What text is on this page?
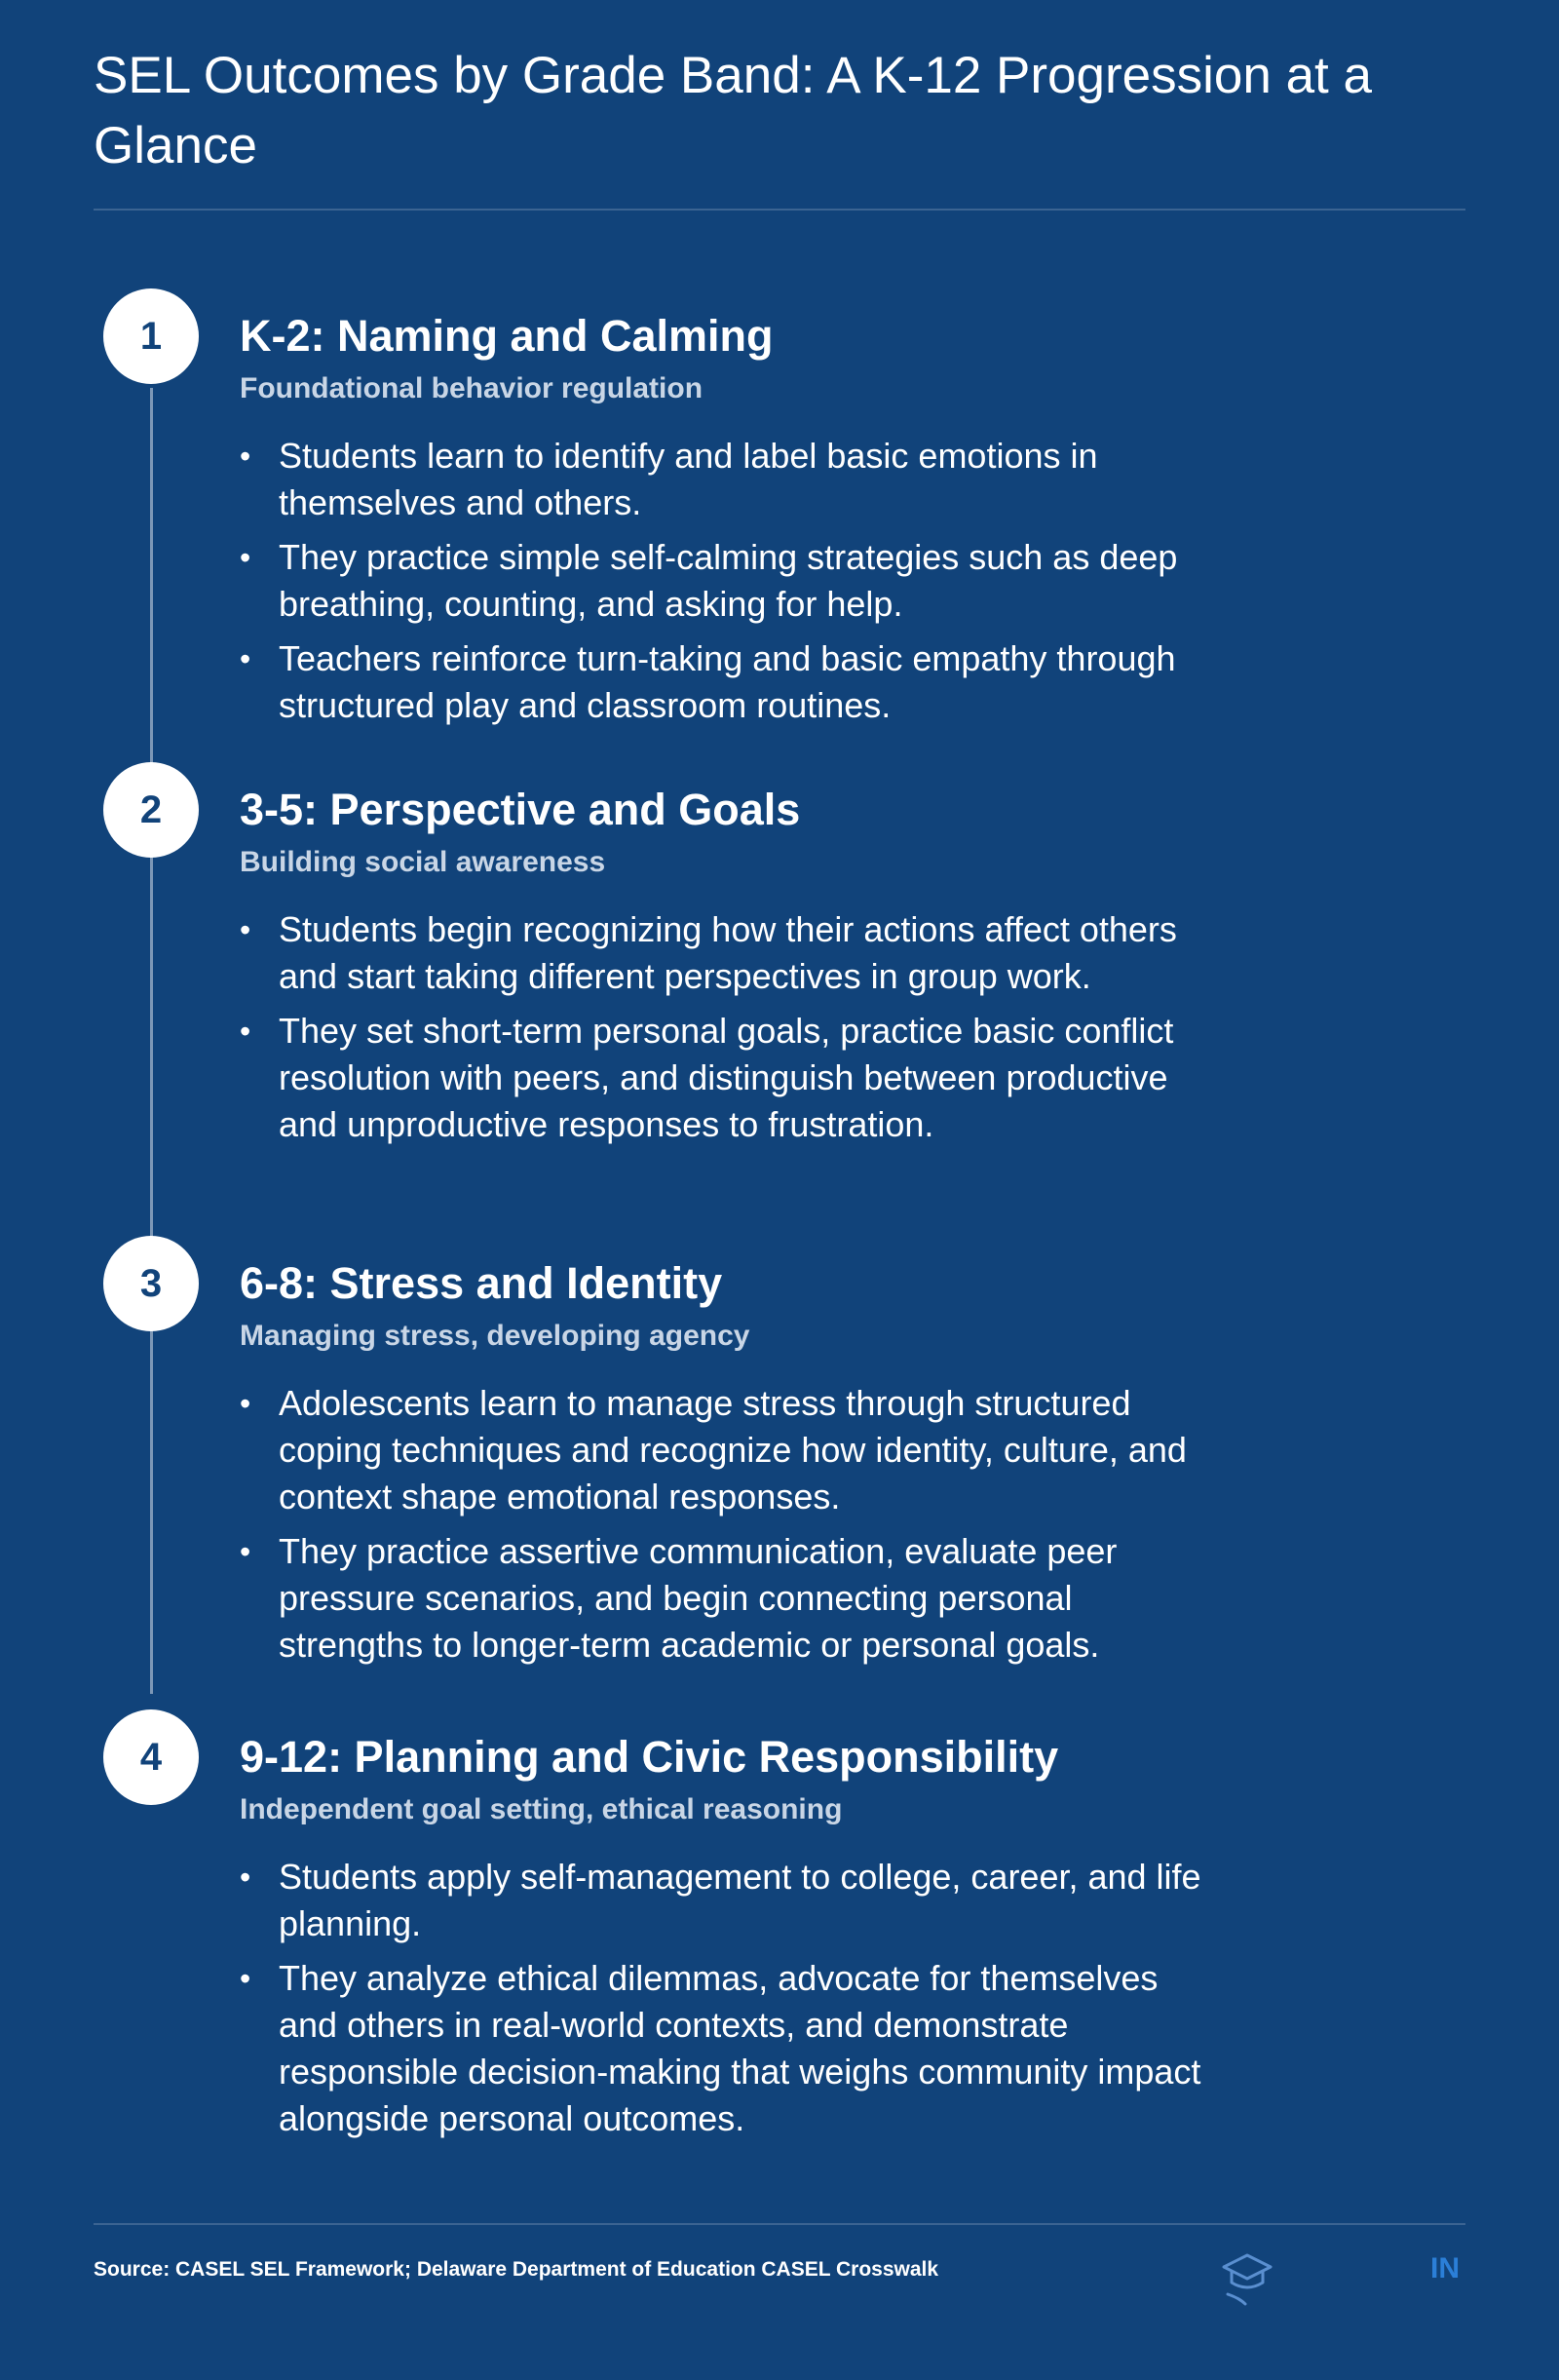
SEL Outcomes by Grade Band: A K-12 Progression at a Glance
1	K-2: Naming and Calming
Foundational behavior regulation
• Students learn to identify and label basic emotions in themselves and others.
• They practice simple self-calming strategies such as deep breathing, counting, and asking for help.
• Teachers reinforce turn-taking and basic empathy through structured play and classroom routines.
2	3-5: Perspective and Goals
Building social awareness
• Students begin recognizing how their actions affect others and start taking different perspectives in group work.
• They set short-term personal goals, practice basic conflict resolution with peers, and distinguish between productive and unproductive responses to frustration.
3	6-8: Stress and Identity
Managing stress, developing agency
• Adolescents learn to manage stress through structured coping techniques and recognize how identity, culture, and context shape emotional responses.
• They practice assertive communication, evaluate peer pressure scenarios, and begin connecting personal strengths to longer-term academic or personal goals.
4	9-12: Planning and Civic Responsibility
Independent goal setting, ethical reasoning
• Students apply self-management to college, career, and life planning.
• They analyze ethical dilemmas, advocate for themselves and others in real-world contexts, and demonstrate responsible decision-making that weighs community impact alongside personal outcomes.
Source: CASEL SEL Framework; Delaware Department of Education CASEL Crosswalk	IN
